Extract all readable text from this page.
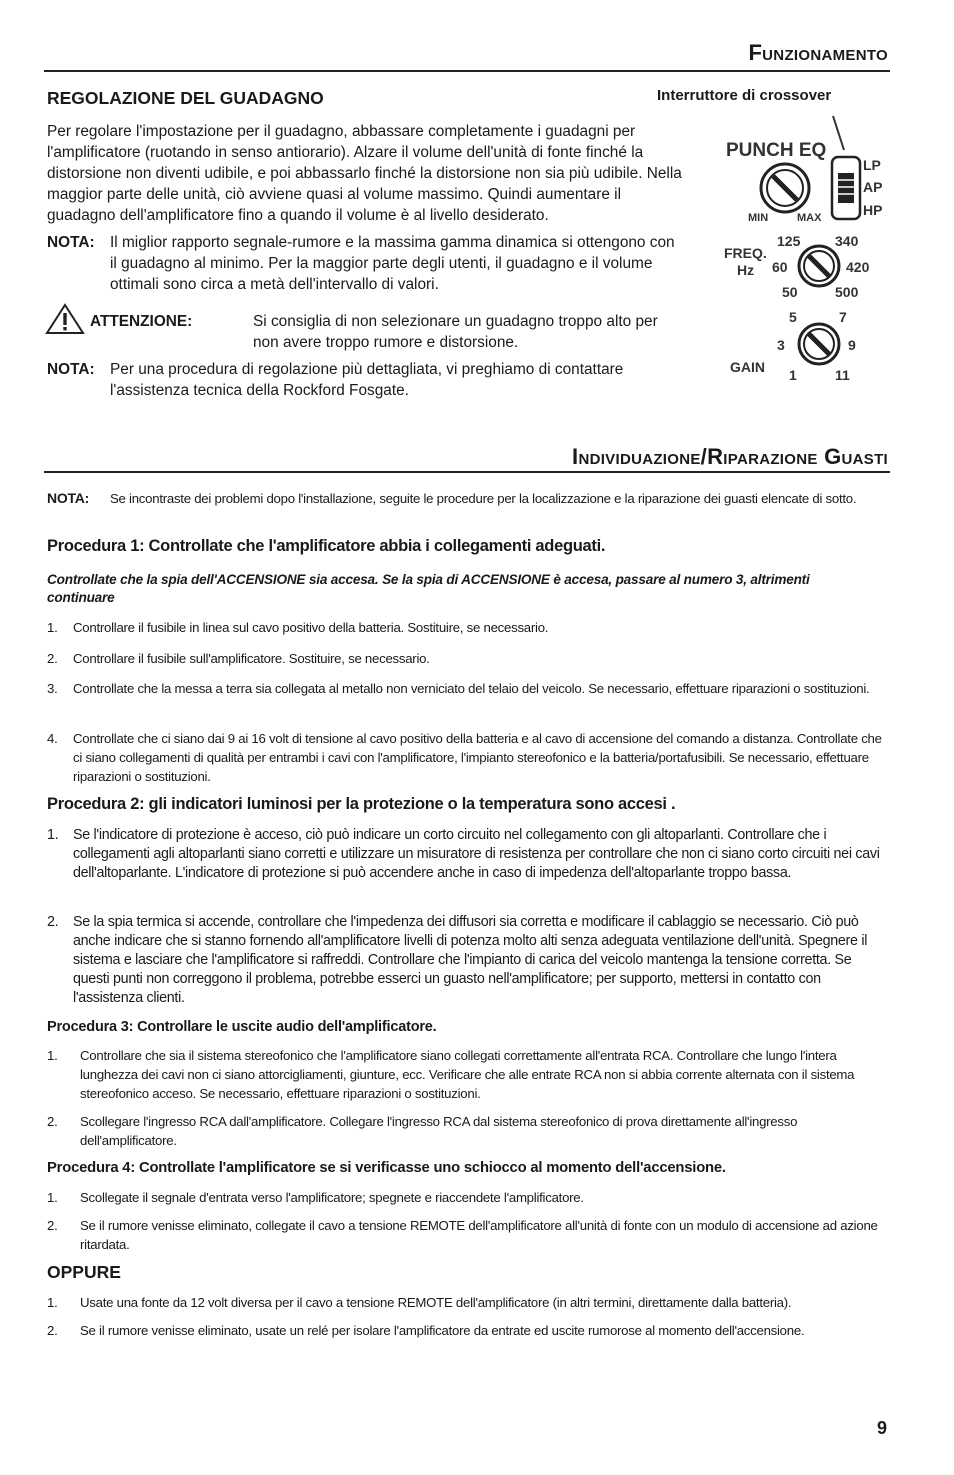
Funzionamento
REGOLAZIONE DEL GUADAGNO
Per regolare l'impostazione per il guadagno, abbassare completamente i guadagni per l'amplificatore (ruotando in senso antiorario). Alzare il volume dell'unità di fonte finché la distorsione non diventi udibile, e poi abbassarlo finché la distorsione non sia più udibile. Nella maggior parte delle unità, ciò avviene quasi al volume massimo. Quindi aumentare il guadagno dell'amplificatore fino a quando il volume è al livello desiderato.
NOTA: Il miglior rapporto segnale-rumore e la massima gamma dinamica si ottengono con il guadagno al minimo. Per la maggior parte degli utenti, il guadagno e il volume ottimali sono circa a metà dell'intervallo di valori.
ATTENZIONE:	Si consiglia di non selezionare un guadagno troppo alto per non avere troppo rumore e distorsione.
NOTA: Per una procedura di regolazione più dettagliata, vi preghiamo di contattare l'assistenza tecnica della Rockford Fosgate.
Interruttore di crossover
PUNCH EQ
MIN	MAX
LP
AP
HP
FREQ.
Hz
125 340
60	420
50	500
GAIN
5	7
3	9
1	11
Individuazione/Riparazione Guasti
NOTA: Se incontraste dei problemi dopo l'installazione, seguite le procedure per la localizzazione e la riparazione dei guasti elencate di sotto.
Procedura 1: Controllate che l'amplificatore abbia i collegamenti adeguati.
Controllate che la spia dell'ACCENSIONE sia accesa. Se la spia di ACCENSIONE è accesa, passare al numero 3, altrimenti continuare
1. Controllare il fusibile in linea sul cavo positivo della batteria. Sostituire, se necessario.
2. Controllare il fusibile sull'amplificatore. Sostituire, se necessario.
3. Controllate che la messa a terra sia collegata al metallo non verniciato del telaio del veicolo. Se necessario, effettuare riparazioni o sostituzioni.
4. Controllate che ci siano dai 9 ai 16 volt di tensione al cavo positivo della batteria e al cavo di accensione del comando a distanza. Controllate che ci siano collegamenti di qualità per entrambi i cavi con l'amplificatore, l'impianto stereofonico e la batteria/portafusibili. Se necessario, effettuare riparazioni o sostituzioni.
Procedura 2: gli indicatori luminosi per la protezione o la temperatura sono accesi .
1. Se l'indicatore di protezione è acceso, ciò può indicare un corto circuito nel collegamento con gli altoparlanti. Controllare che i collegamenti agli altoparlanti siano corretti e utilizzare un misuratore di resistenza per controllare che non ci siano corto circuiti nei cavi dell'altoparlante. L'indicatore di protezione si può accendere anche in caso di impedenza dell'altoparlante troppo bassa.
2. Se la spia termica si accende, controllare che l'impedenza dei diffusori sia corretta e modificare il cablaggio se necessario. Ciò può anche indicare che si stanno fornendo all'amplificatore livelli di potenza molto alti senza adeguata ventilazione dell'unità. Spegnere il sistema e lasciare che l'amplificatore si raffreddi. Controllare che l'impianto di carica del veicolo mantenga la tensione corretta. Se questi punti non correggono il problema, potrebbe esserci un guasto nell'amplificatore; per supporto, mettersi in contatto con l'assistenza clienti.
Procedura 3: Controllare le uscite audio dell'amplificatore.
1. Controllare che sia il sistema stereofonico che l'amplificatore siano collegati correttamente all'entrata RCA. Controllare che lungo l'intera lunghezza dei cavi non ci siano attorcigliamenti, giunture, ecc. Verificare che alle entrate RCA non si abbia corrente alternata con il sistema stereofonico acceso. Se necessario, effettuare riparazioni o sostituzioni.
2. Scollegare l'ingresso RCA dall'amplificatore. Collegare l'ingresso RCA dal sistema stereofonico di prova direttamente all'ingresso dell'amplificatore.
Procedura 4: Controllate l'amplificatore se si verificasse uno schiocco al momento dell'accensione.
1. Scollegate il segnale d'entrata verso l'amplificatore; spegnete e riaccendete l'amplificatore.
2. Se il rumore venisse eliminato, collegate il cavo a tensione REMOTE dell'amplificatore all'unità di fonte con un modulo di accensione ad azione ritardata.
OPPURE
1. Usate una fonte da 12 volt diversa per il cavo a tensione REMOTE dell'amplificatore (in altri termini, direttamente dalla batteria).
2. Se il rumore venisse eliminato, usate un relé per isolare l'amplificatore da entrate ed uscite rumorose al momento dell'accensione.
9
